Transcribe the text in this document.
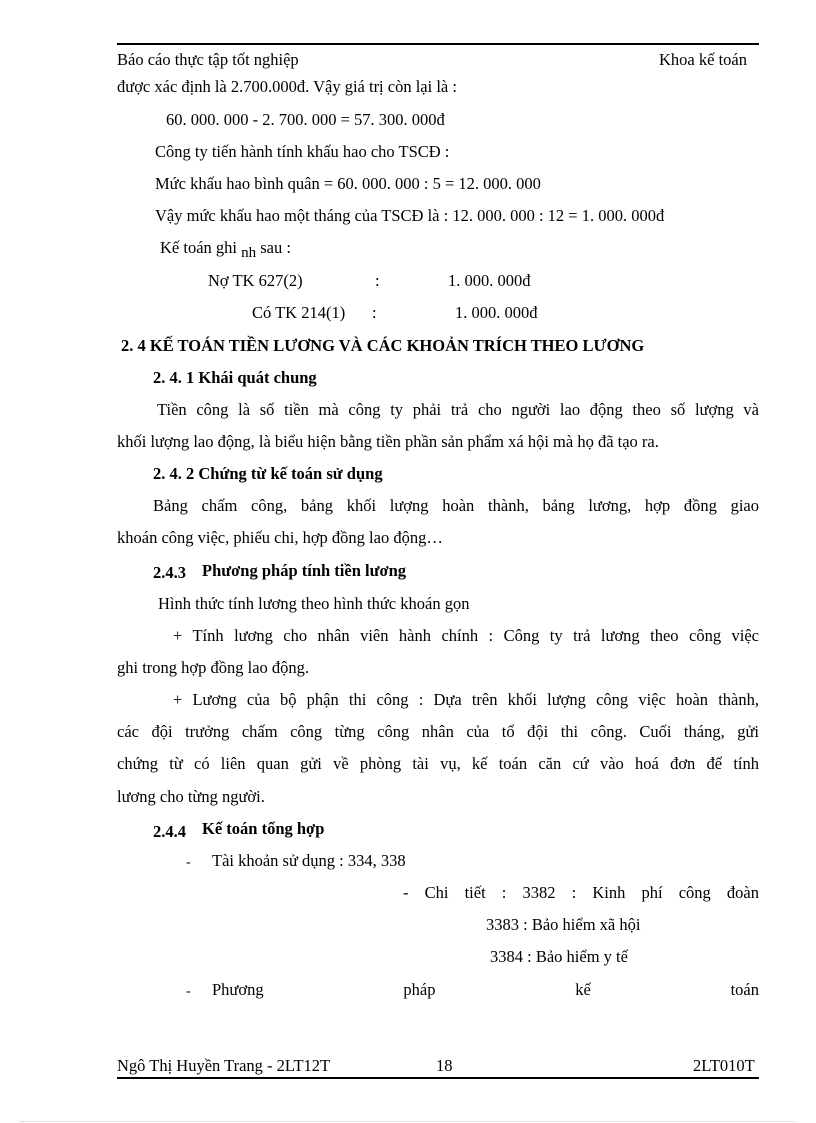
Báo cáo thực tập tốt nghiệp	Khoa kế toán
được xác định là 2.700.000đ. Vậy giá trị còn lại là :
60. 000. 000 - 2. 700. 000 = 57. 300. 000đ
Công ty tiến hành tính khấu hao cho TSCĐ :
Mức khấu hao bình quân = 60. 000. 000 : 5 = 12. 000. 000
Vậy mức khấu hao một tháng của TSCĐ là : 12. 000. 000 : 12 = 1. 000. 000đ
Kế toán ghi nh sau :
Nợ TK 627(2)	:	1. 000. 000đ
Có TK 214(1) :	1. 000. 000đ
2. 4 KẾ TOÁN TIỀN LƯƠNG VÀ CÁC KHOẢN TRÍCH THEO LƯƠNG
2. 4. 1 Khái quát chung
Tiền công là số tiền mà công ty phải trả cho người lao động theo số lượng và
khối lượng lao động, là biểu hiện bằng tiền phần sản phẩm xá hội mà họ đã tạo ra.
2. 4. 2 Chứng từ kế toán sử dụng
Bảng chấm công, bảng khối lượng hoàn thành, bảng lương, hợp đồng giao
khoán công việc, phiếu chi, hợp đồng lao động…
2.4.3 Phương pháp tính tiền lương
Hình thức tính lương theo hình thức khoán gọn
+ Tính lương cho nhân viên hành chính : Công ty trả lương theo công việc
ghi trong hợp đồng lao động.
+ Lương của bộ phận thi công : Dựa trên khối lượng công việc hoàn thành,
các đội trưởng chấm công từng công nhân của tổ đội thi công. Cuối tháng, gửi
chứng từ có liên quan gửi về phòng tài vụ, kế toán căn cứ vào hoá đơn để tính
lương cho từng người.
2.4.4 Kế toán tổng hợp
- Tài khoản sử dụng : 334, 338
- Chi tiết : 3382 : Kinh phí công đoàn
3383 : Bảo hiểm xã hội
3384 : Bảo hiểm y tế
- Phương pháp kế toán
Ngô Thị Huyền Trang - 2LT12T	18	2LT010T
